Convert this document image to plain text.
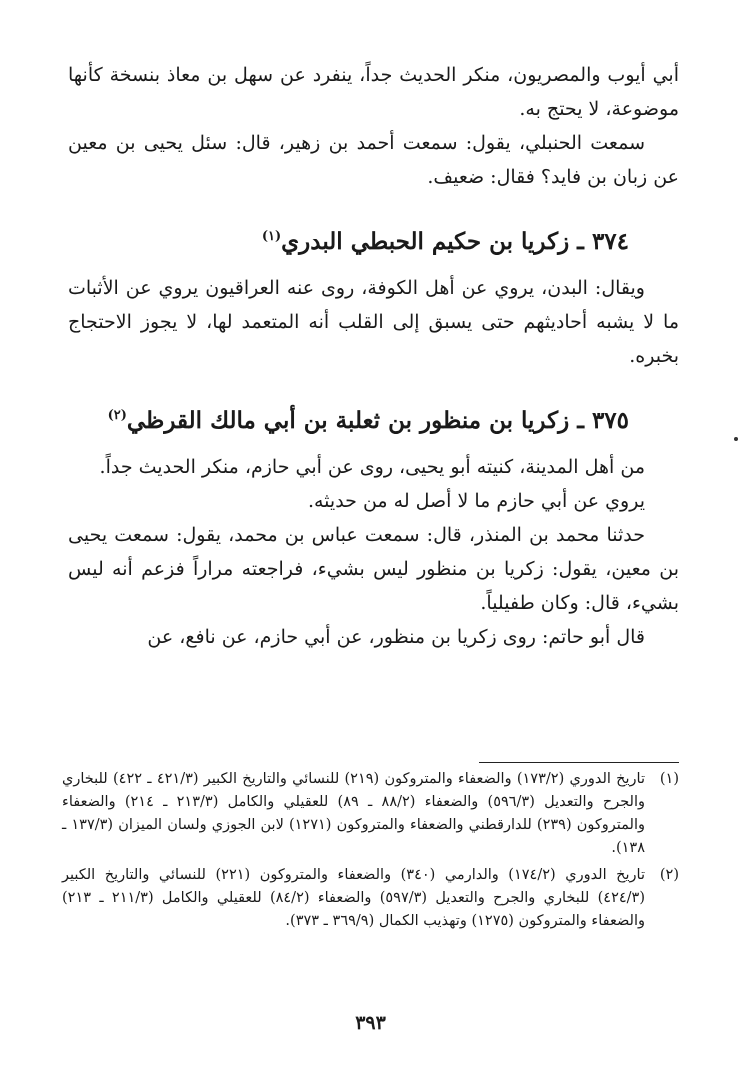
أبي أيوب والمصريون، منكر الحديث جداً، ينفرد عن سهل بن معاذ بنسخة كأنها موضوعة، لا يحتج به.

سمعت الحنبلي، يقول: سمعت أحمد بن زهير، قال: سئل يحيى بن معين عن زبان بن فايد؟ فقال: ضعيف.

٣٧٤ ـ زكريا بن حكيم الحبطي البدري$^{(١)}$

ويقال: البدن، يروي عن أهل الكوفة، روى عنه العراقيون يروي عن الأثبات ما لا يشبه أحاديثهم حتى يسبق إلى القلب أنه المتعمد لها، لا يجوز الاحتجاج بخبره.

٣٧٥ ـ زكريا بن منظور بن ثعلبة بن أبي مالك القرظي$^{(٢)}$

من أهل المدينة، كنيته أبو يحيى، روى عن أبي حازم، منكر الحديث جداً.

يروي عن أبي حازم ما لا أصل له من حديثه.

حدثنا محمد بن المنذر، قال: سمعت عباس بن محمد، يقول: سمعت يحيى بن معين، يقول: زكريا بن منظور ليس بشيء، فراجعته مراراً فزعم أنه ليس بشيء، قال: وكان طفيلياً.

قال أبو حاتم: روى زكريا بن منظور، عن أبي حازم، عن نافع، عن

(١)
تاريخ الدوري (١٧٣/٢) والضعفاء والمتروكون (٢١٩) للنسائي والتاريخ الكبير (٤٢١/٣ ـ ٤٢٢) للبخاري والجرح والتعديل (٥٩٦/٣) والضعفاء (٨٨/٢ ـ ٨٩) للعقيلي والكامل (٢١٣/٣ ـ ٢١٤) والضعفاء والمتروكون (٢٣٩) للدارقطني والضعفاء والمتروكون (١٢٧١) لابن الجوزي ولسان الميزان (١٣٧/٣ ـ ١٣٨).
(٢)
تاريخ الدوري (١٧٤/٢) والدارمي (٣٤٠) والضعفاء والمتروكون (٢٢١) للنسائي والتاريخ الكبير (٤٢٤/٣) للبخاري والجرح والتعديل (٥٩٧/٣) والضعفاء (٨٤/٢) للعقيلي والكامل (٢١١/٣ ـ ٢١٣) والضعفاء والمتروكون (١٢٧٥) وتهذيب الكمال (٣٦٩/٩ ـ ٣٧٣).
٣٩٣
